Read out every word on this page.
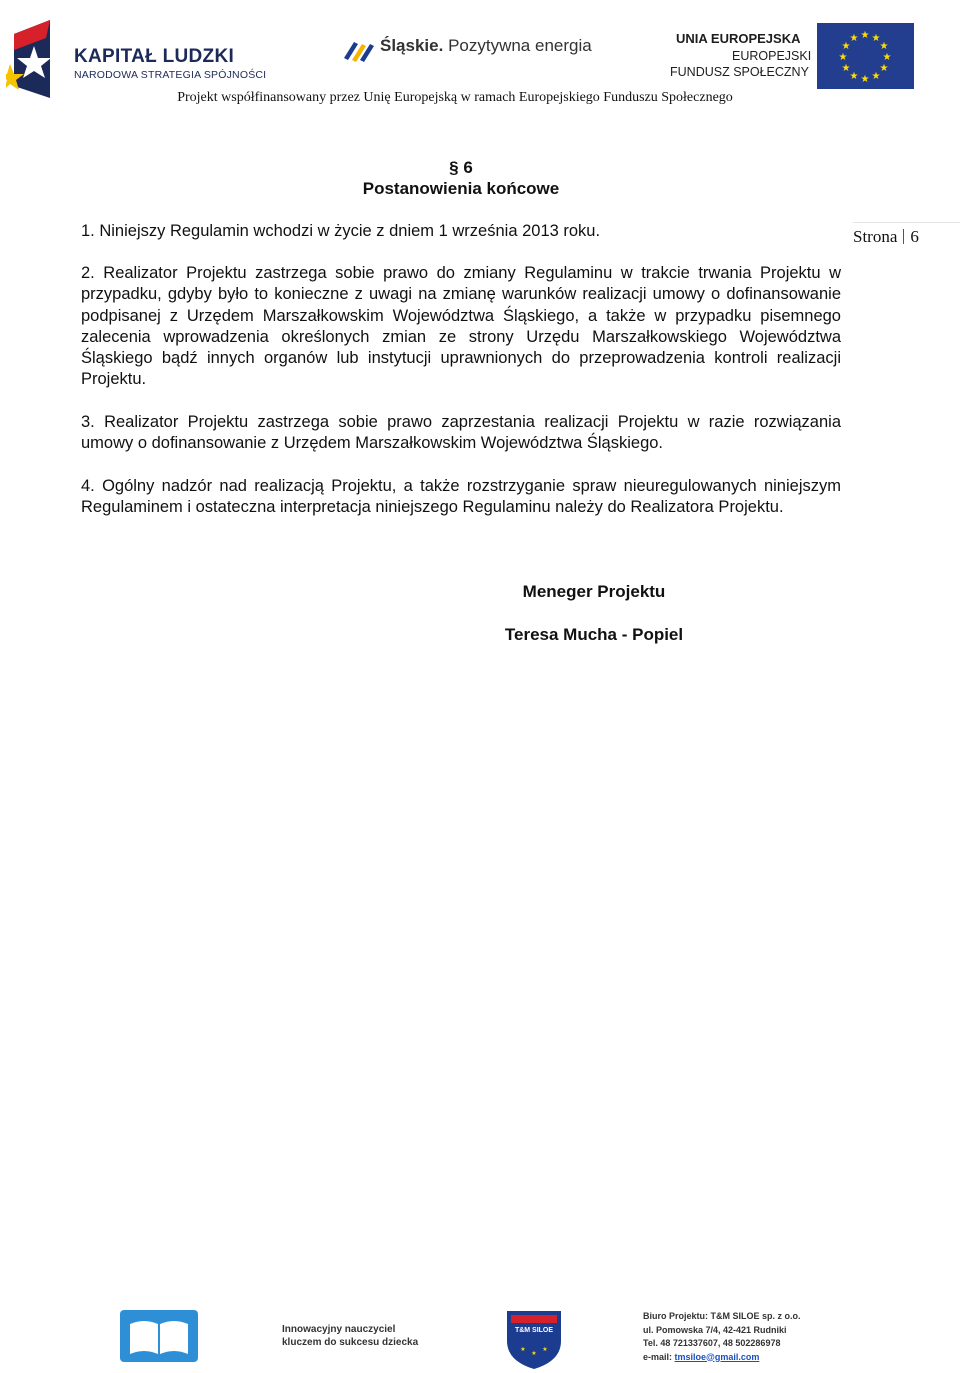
KAPITAŁ LUDZKI
NARODOWA STRATEGIA SPÓJNOŚCI
Śląskie. Pozytywna energia	UNIA EUROPEJSKA
EUROPEJSKI
FUNDUSZ SPOŁECZNY
★ ★
★
★
★
★
★
★
★
★
★
★
Projekt współfinansowany przez Unię Europejską w ramach Europejskiego Funduszu Społecznego
Strona 6
§ 6
Postanowienia końcowe
1. Niniejszy Regulamin wchodzi w życie z dniem 1 września 2013 roku.
2. Realizator Projektu zastrzega sobie prawo do zmiany Regulaminu w trakcie trwania Projektu w przypadku, gdyby było to konieczne z uwagi na zmianę warunków realizacji umowy o dofinansowanie podpisanej z Urzędem Marszałkowskim Województwa Śląskiego, a także w przypadku pisemnego zalecenia wprowadzenia określonych zmian ze strony Urzędu Marszałkowskiego Województwa Śląskiego bądź innych organów lub instytucji uprawnionych do przeprowadzenia kontroli realizacji Projektu.
3. Realizator Projektu zastrzega sobie prawo zaprzestania realizacji Projektu w razie rozwiązania umowy o dofinansowanie z Urzędem Marszałkowskim Województwa Śląskiego.
4. Ogólny nadzór nad realizacją Projektu, a także rozstrzyganie spraw nieuregulowanych niniejszym Regulaminem i ostateczna interpretacja niniejszego Regulaminu należy do Realizatora Projektu.
Meneger Projektu
Teresa Mucha - Popiel
Innowacyjny nauczyciel
kluczem do sukcesu dziecka
★
★
★
T&M SILOE
Biuro Projektu: T&M SILOE sp. z o.o.
ul. Pomowska 7/4, 42-421 Rudniki
Tel. 48 721337607, 48 502286978
e-mail: tmsiloe@gmail.com
